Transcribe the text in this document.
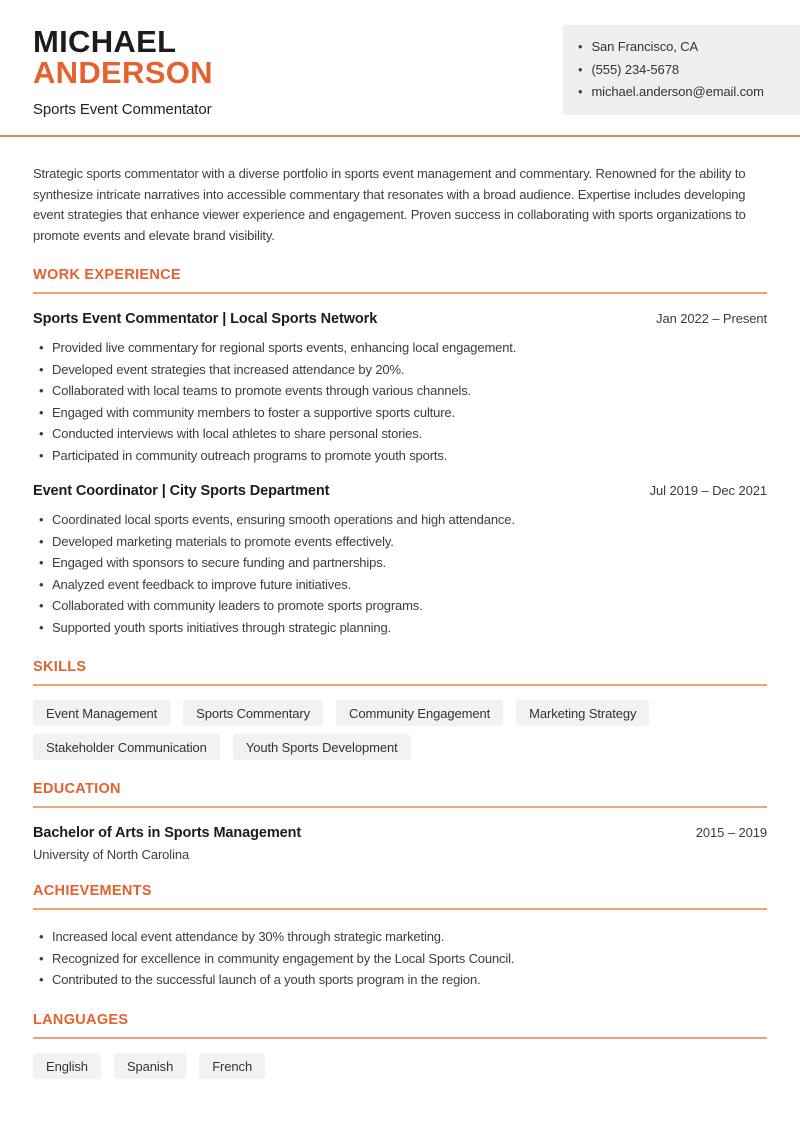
MICHAEL
ANDERSON
Sports Event Commentator
• San Francisco, CA
• (555) 234-5678
• michael.anderson@email.com

Strategic sports commentator with a diverse portfolio in sports event management and commentary. Renowned for the ability to synthesize intricate narratives into accessible commentary that resonates with a broad audience. Expertise includes developing event strategies that enhance viewer experience and engagement. Proven success in collaborating with sports organizations to promote events and elevate brand visibility.

WORK EXPERIENCE
Sports Event Commentator | Local Sports Network	Jan 2022 – Present
• Provided live commentary for regional sports events, enhancing local engagement.
• Developed event strategies that increased attendance by 20%.
• Collaborated with local teams to promote events through various channels.
• Engaged with community members to foster a supportive sports culture.
• Conducted interviews with local athletes to share personal stories.
• Participated in community outreach programs to promote youth sports.
Event Coordinator | City Sports Department	Jul 2019 – Dec 2021
• Coordinated local sports events, ensuring smooth operations and high attendance.
• Developed marketing materials to promote events effectively.
• Engaged with sponsors to secure funding and partnerships.
• Analyzed event feedback to improve future initiatives.
• Collaborated with community leaders to promote sports programs.
• Supported youth sports initiatives through strategic planning.
SKILLS
Event Management	Sports Commentary	Community Engagement	Marketing Strategy
Stakeholder Communication	Youth Sports Development
EDUCATION
Bachelor of Arts in Sports Management	2015 – 2019
University of North Carolina
ACHIEVEMENTS
• Increased local event attendance by 30% through strategic marketing.
• Recognized for excellence in community engagement by the Local Sports Council.
• Contributed to the successful launch of a youth sports program in the region.
LANGUAGES
English	Spanish	French
